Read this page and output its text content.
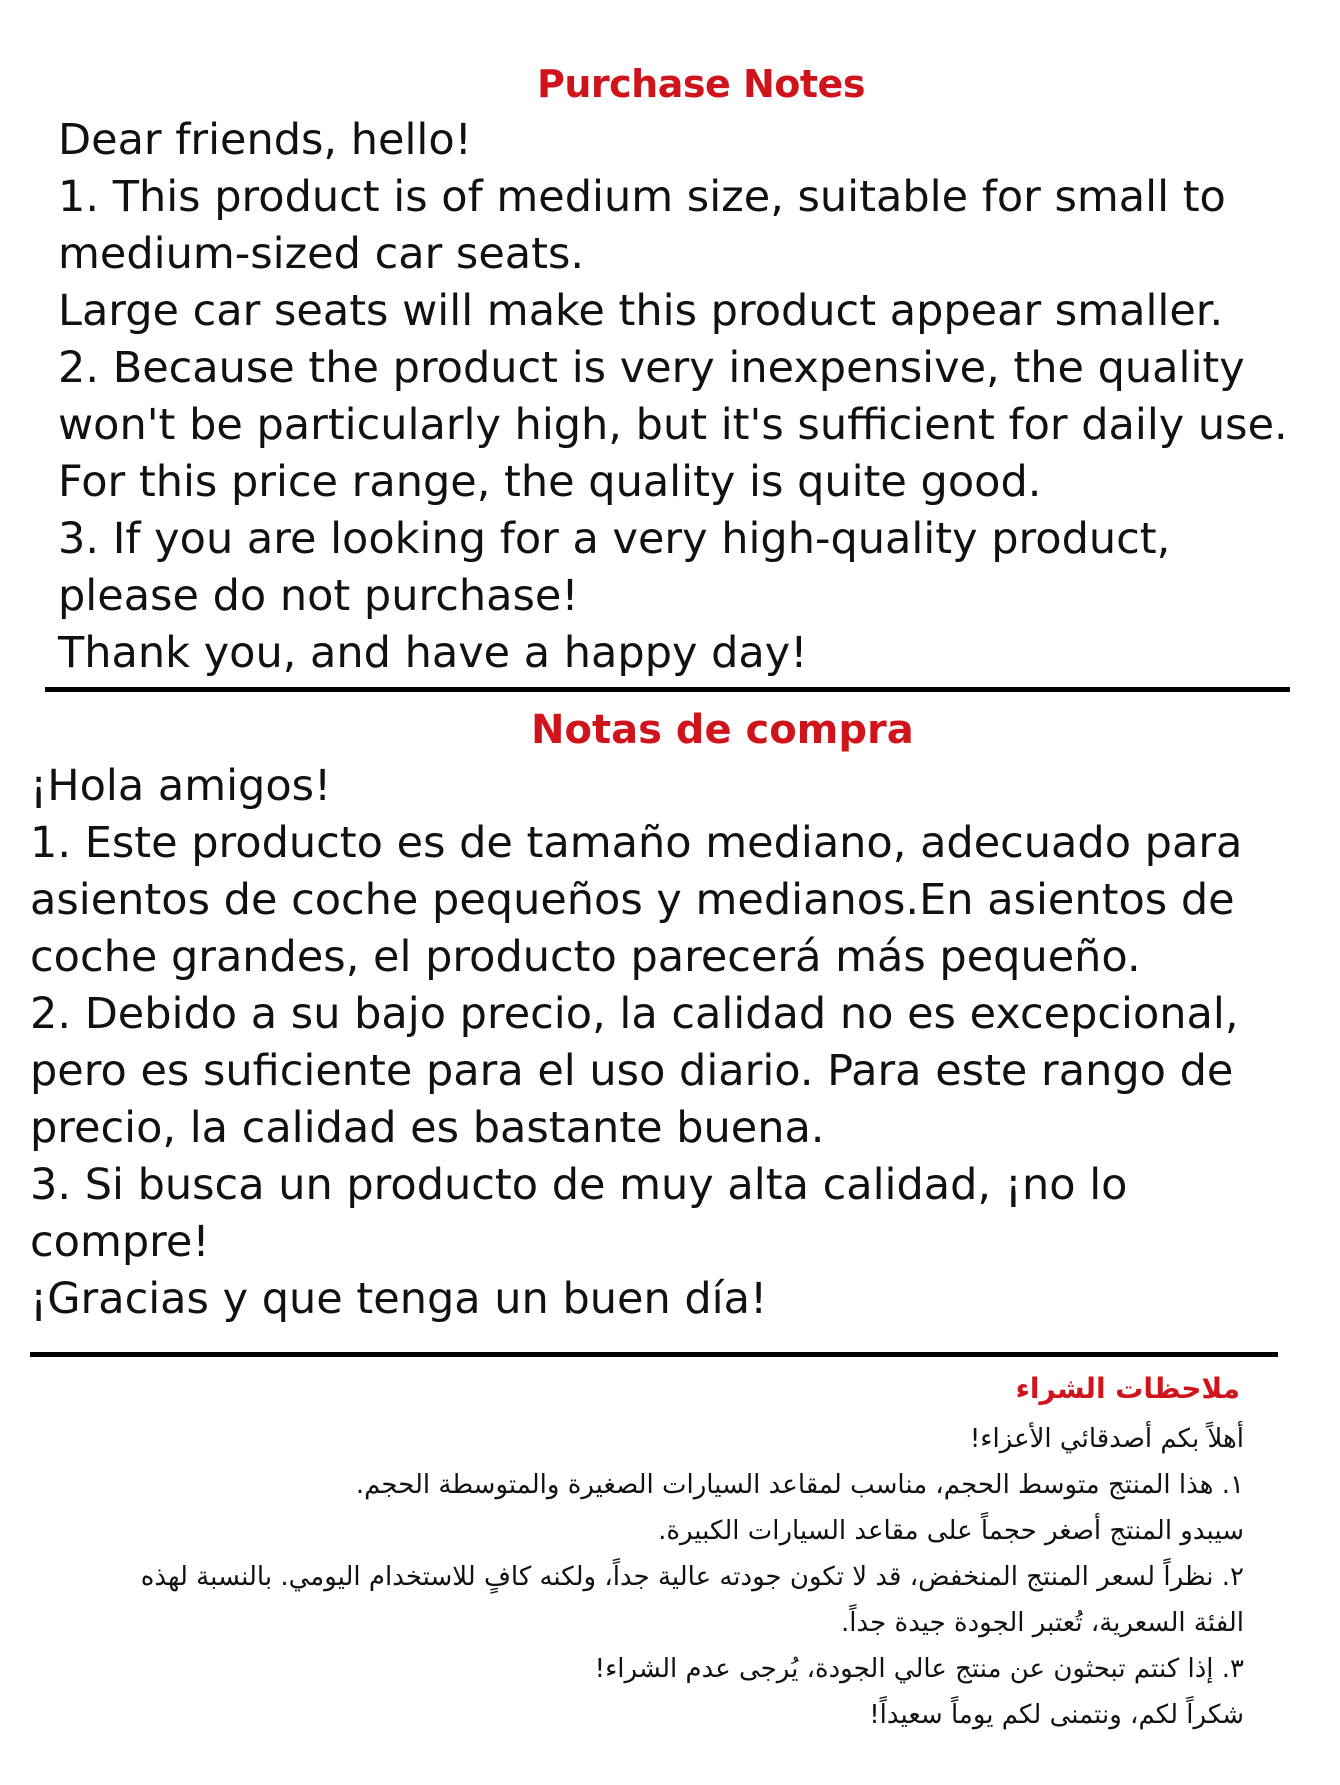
Purchase Notes

Dear friends, hello!

1. This product is of medium size, suitable for small to

medium-sized car seats.

Large car seats will make this product appear smaller.

2. Because the product is very inexpensive, the quality

won't be particularly high, but it's sufficient for daily use.

For this price range, the quality is quite good.

3. If you are looking for a very high-quality product,

please do not purchase!

Thank you, and have a happy day!

Notas de compra

¡Hola amigos!

1. Este producto es de tamaño mediano, adecuado para

asientos de coche pequeños y medianos.En asientos de

coche grandes, el producto parecerá más pequeño.

2. Debido a su bajo precio, la calidad no es excepcional,

pero es suficiente para el uso diario. Para este rango de

precio, la calidad es bastante buena.

3. Si busca un producto de muy alta calidad, ¡no lo

compre!

¡Gracias y que tenga un buen día!

ملاحظات الشراء

أهلاً بكم أصدقائي الأعزاء!

١. هذا المنتج متوسط الحجم، مناسب لمقاعد السيارات الصغيرة والمتوسطة الحجم.

سيبدو المنتج أصغر حجماً على مقاعد السيارات الكبيرة.

٢. نظراً لسعر المنتج المنخفض، قد لا تكون جودته عالية جداً، ولكنه كافٍ للاستخدام اليومي. بالنسبة لهذه

الفئة السعرية، تُعتبر الجودة جيدة جداً.

٣. إذا كنتم تبحثون عن منتج عالي الجودة، يُرجى عدم الشراء!

شكراً لكم، ونتمنى لكم يوماً سعيداً!
